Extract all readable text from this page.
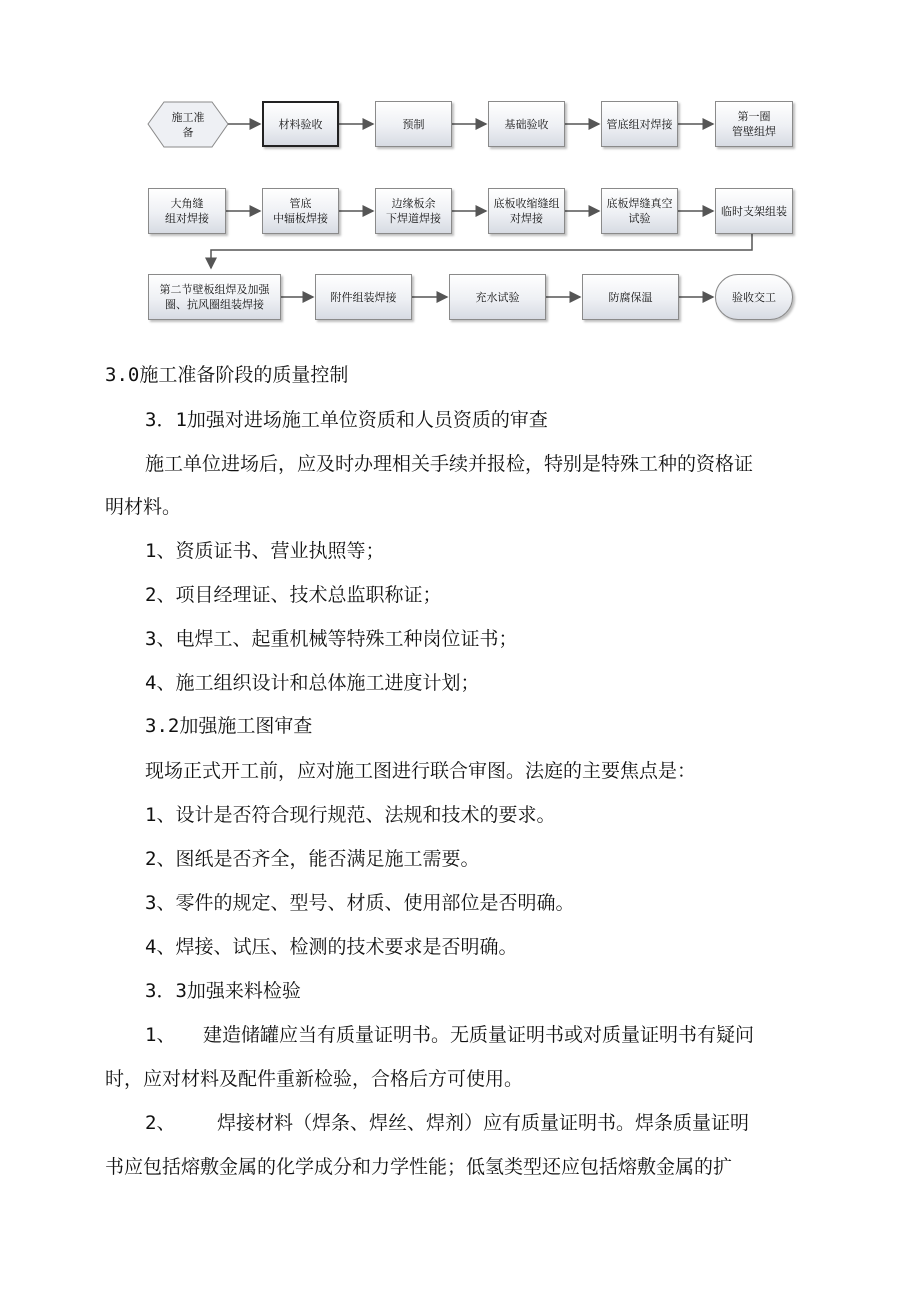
施工准
备
材料验收	预制	基础验收	管底组对焊接
第一圈
管壁组焊
大角缝
组对焊接
管底
中辐板焊接
边缘板余
下焊道焊接
底板收缩缝组
对焊接
底板焊缝真空
试验
临时支架组装
第二节壁板组焊及加强
圈、抗风圈组装焊接
附件组装焊接	充水试验	防腐保温	验收交工
3.0施工准备阶段的质量控制
3．1加强对进场施工单位资质和人员资质的审查
施工单位进场后，应及时办理相关手续并报检，特别是特殊工种的资格证
明材料。
1、资质证书、营业执照等；
2、项目经理证、技术总监职称证；
3、电焊工、起重机械等特殊工种岗位证书；
4、施工组织设计和总体施工进度计划；
3.2加强施工图审查
现场正式开工前，应对施工图进行联合审图。法庭的主要焦点是：
1、设计是否符合现行规范、法规和技术的要求。
2、图纸是否齐全，能否满足施工需要。
3、零件的规定、型号、材质、使用部位是否明确。
4、焊接、试压、检测的技术要求是否明确。
3．3加强来料检验
1、 建造储罐应当有质量证明书。无质量证明书或对质量证明书有疑问
时，应对材料及配件重新检验，合格后方可使用。
2、 焊接材料（焊条、焊丝、焊剂）应有质量证明书。焊条质量证明
书应包括熔敷金属的化学成分和力学性能；低氢类型还应包括熔敷金属的扩
